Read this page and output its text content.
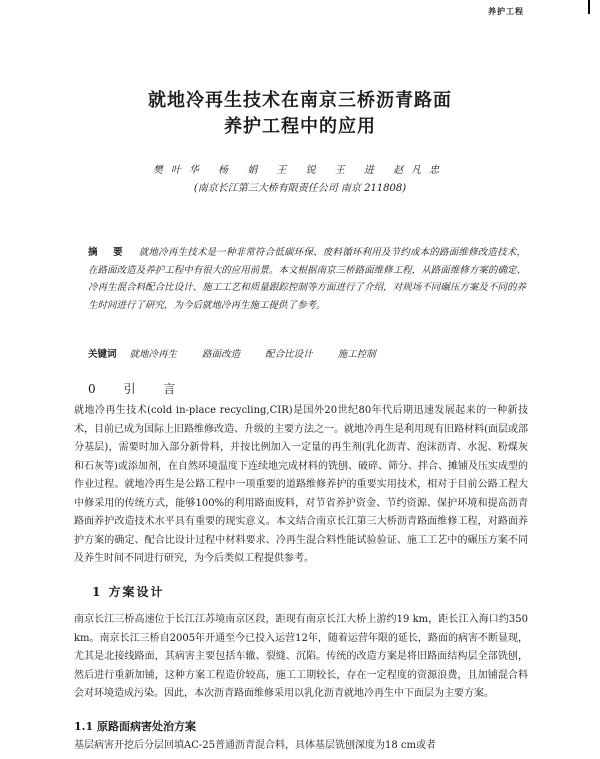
养护工程
就地冷再生技术在南京三桥沥青路面
养护工程中的应用
樊叶华 杨 娟 王 锐 王 进 赵凡忠
(南京长江第三大桥有限责任公司 南京 211808)
摘 要 就地冷再生技术是一种非常符合低碳环保、废料循环利用及节约成本的路面维修改造技术，在路面改造及养护工程中有很大的应用前景。本文根据南京三桥路面维修工程，从路面维修方案的确定、冷再生混合料配合比设计、施工工艺和质量跟踪控制等方面进行了介绍，对规场不同碾压方案及不同的养生时间进行了研究，为今后就地冷再生施工提供了参考。
关键词 就地冷再生	路面改造	配合比设计	施工控制
0 引 言
就地冷再生技术(cold in-place recycling,CIR)是国外20世纪80年代后期迅速发展起来的一种新技术，目前已成为国际上旧路维修改造、升级的主要方法之一。就地冷再生是利用现有旧路材料(面层或部分基层)，需要时加入部分新骨料，并按比例加入一定量的再生剂(乳化沥青、泡沫沥青、水泥、粉煤灰和石灰等)或添加剂，在自然环境温度下连续地完成材料的铣刨、破碎、筛分、拌合、摊铺及压实成型的作业过程。就地冷再生是公路工程中一项重要的道路维修养护的重要实用技术，相对于目前公路工程大中修采用的传统方式，能够100%的利用路面废料，对节省养护资金、节约资源、保护环境和提高沥青路面养护改造技术水平具有重要的现实意义。本文结合南京长江第三大桥沥青路面维修工程，对路面养护方案的确定、配合比设计过程中材料要求、冷再生混合料性能试验验证、施工工艺中的碾压方案不同及养生时间不同进行研究，为今后类似工程提供参考。
1 方案设计
南京长江三桥高速位于长江江苏境南京区段，距现有南京长江大桥上游约19 km，距长江入海口约350 km。南京长江三桥自2005年开通至今已投入运营12年，随着运营年限的延长，路面的病害不断显现，尤其是北接线路面，其病害主要包括车辙、裂缝、沉陷。传统的改造方案是将旧路面结构层全部铣刨，然后进行重新加铺，这种方案工程造价较高，施工工期较长，存在一定程度的资源浪费，且加铺混合料会对环境造成污染。因此，本次沥青路面维修采用以乳化沥青就地冷再生中下面层为主要方案。
1.1 原路面病害处治方案
基层病害开挖后分层回填AC-25普通沥青混合料，具体基层铣刨深度为18 cm或者
